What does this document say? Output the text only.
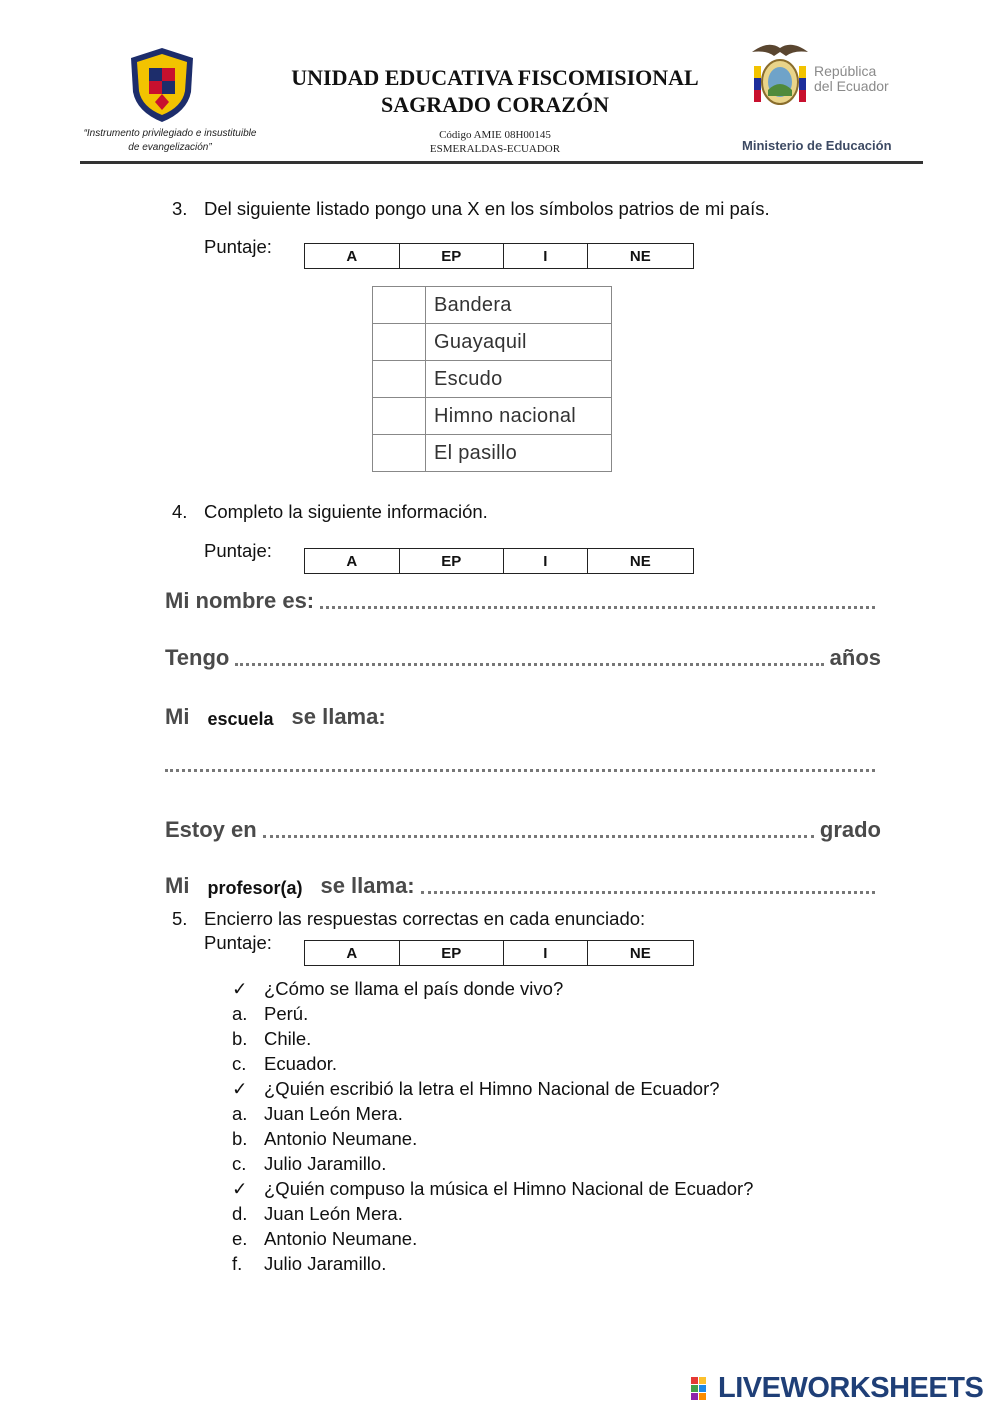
“Instrumento privilegiado e insustituible
de evangelización”
UNIDAD EDUCATIVA FISCOMISIONAL
SAGRADO CORAZÓN
Código AMIE 08H00145
ESMERALDAS-ECUADOR
República
del Ecuador
Ministerio de Educación
3. Del siguiente listado pongo una X en los símbolos patrios de mi país.
Puntaje:	A	EP	I	NE
	Bandera
	Guayaquil
	Escudo
	Himno nacional
	El pasillo
4. Completo la siguiente información.
Puntaje:	A	EP	I	NE
Mi nombre es:
Tengo	años
Mi escuela se llama:
Estoy en	grado
Mi profesor(a) se llama:
5. Encierro las respuestas correctas en cada enunciado:
Puntaje:	A	EP	I	NE
✓ ¿Cómo se llama el país donde vivo?
a. Perú.
b. Chile.
c. Ecuador.
✓ ¿Quién escribió la letra el Himno Nacional de Ecuador?
a. Juan León Mera.
b. Antonio Neumane.
c. Julio Jaramillo.
✓ ¿Quién compuso la música el Himno Nacional de Ecuador?
d. Juan León Mera.
e. Antonio Neumane.
f.	Julio Jaramillo.
LIVEWORKSHEETS
